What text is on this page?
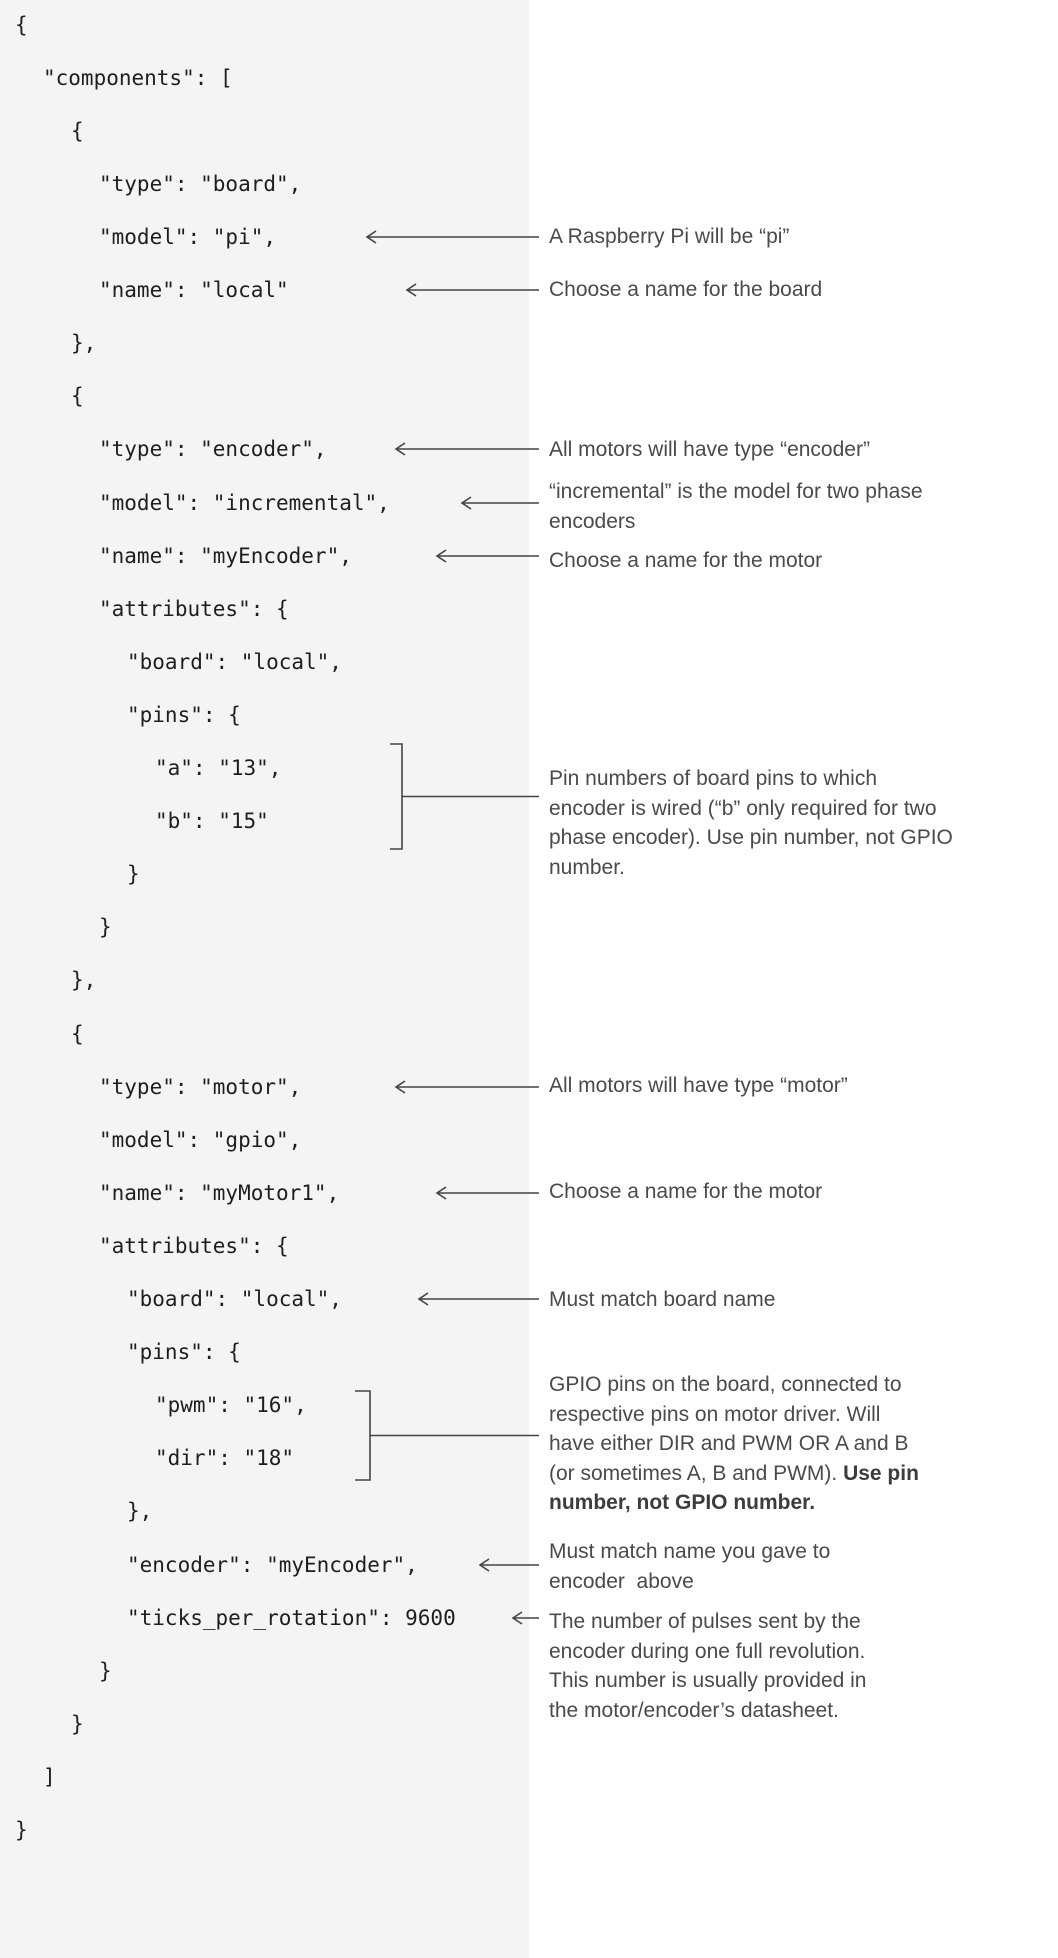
{
"components": [
{
"type": "board",
"model": "pi",
"name": "local"
},
{
"type": "encoder",
"model": "incremental",
"name": "myEncoder",
"attributes": {
"board": "local",
"pins": {
"a": "13",
"b": "15"
}
}
},
{
"type": "motor",
"model": "gpio",
"name": "myMotor1",
"attributes": {
"board": "local",
"pins": {
"pwm": "16",
"dir": "18"
},
"encoder": "myEncoder",
"ticks_per_rotation": 9600
}
}
]
}
A Raspberry Pi will be “pi”
Choose a name for the board
All motors will have type “encoder”
“incremental” is the model for two phase
encoders
Choose a name for the motor
Pin numbers of board pins to which
encoder is wired (“b” only required for two
phase encoder). Use pin number, not GPIO
number.
All motors will have type “motor”
Choose a name for the motor
Must match board name
GPIO pins on the board, connected to
respective pins on motor driver. Will
have either DIR and PWM OR A and B
(or sometimes A, B and PWM). Use pin
number, not GPIO number.
Must match name you gave to
encoder  above
The number of pulses sent by the
encoder during one full revolution.
This number is usually provided in
the motor/encoder’s datasheet.
